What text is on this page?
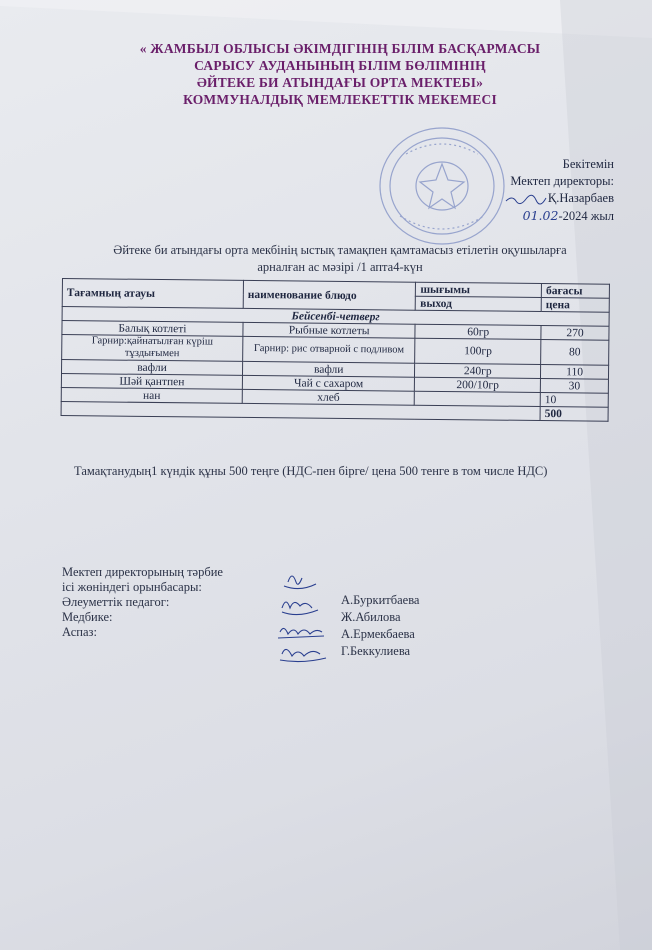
« ЖАМБЫЛ ОБЛЫСЫ ӘКІМДІГІНІҢ БІЛІМ БАСҚАРМАСЫ
САРЫСУ АУДАНЫНЫҢ БІЛІМ БӨЛІМІНІҢ
ӘЙТЕКЕ БИ АТЫНДАҒЫ ОРТА МЕКТЕБІ»
КОММУНАЛДЫҚ МЕМЛЕКЕТТІК МЕКЕМЕСІ
Бекітемін
Мектеп директоры:
Қ.Назарбаев
01.02-2024 жыл
Әйтеке би атындағы орта мекбінің ыстық тамақпен қамтамасыз етілетін оқушыларға
арналған ас мәзірі /1 апта4-күн
Тағамның атауы	наименование блюдо	шығымы	бағасы
		выход	цена
Бейсенбі-четверг			
Балық котлеті	Рыбные котлеты	60гр	270
Гарнир:қайнатылған күріш тұздығымен	Гарнир: рис отварной с подливом	100гр	80
вафли	вафли	240гр	110
Шәй қантпен	Чай с сахаром	200/10гр	30
нан	хлеб		10
			500
Тамақтанудың1 күндік құны 500 теңге (НДС-пен бірге/ цена 500 тенге в том числе НДС)
Мектеп директорының тәрбие
ісі жөніндегі орынбасары:
Әлеуметтік педагог:
Медбике:
Аспаз:
А.Буркитбаева
Ж.Абилова
А.Ермекбаева
Г.Беккулиева
